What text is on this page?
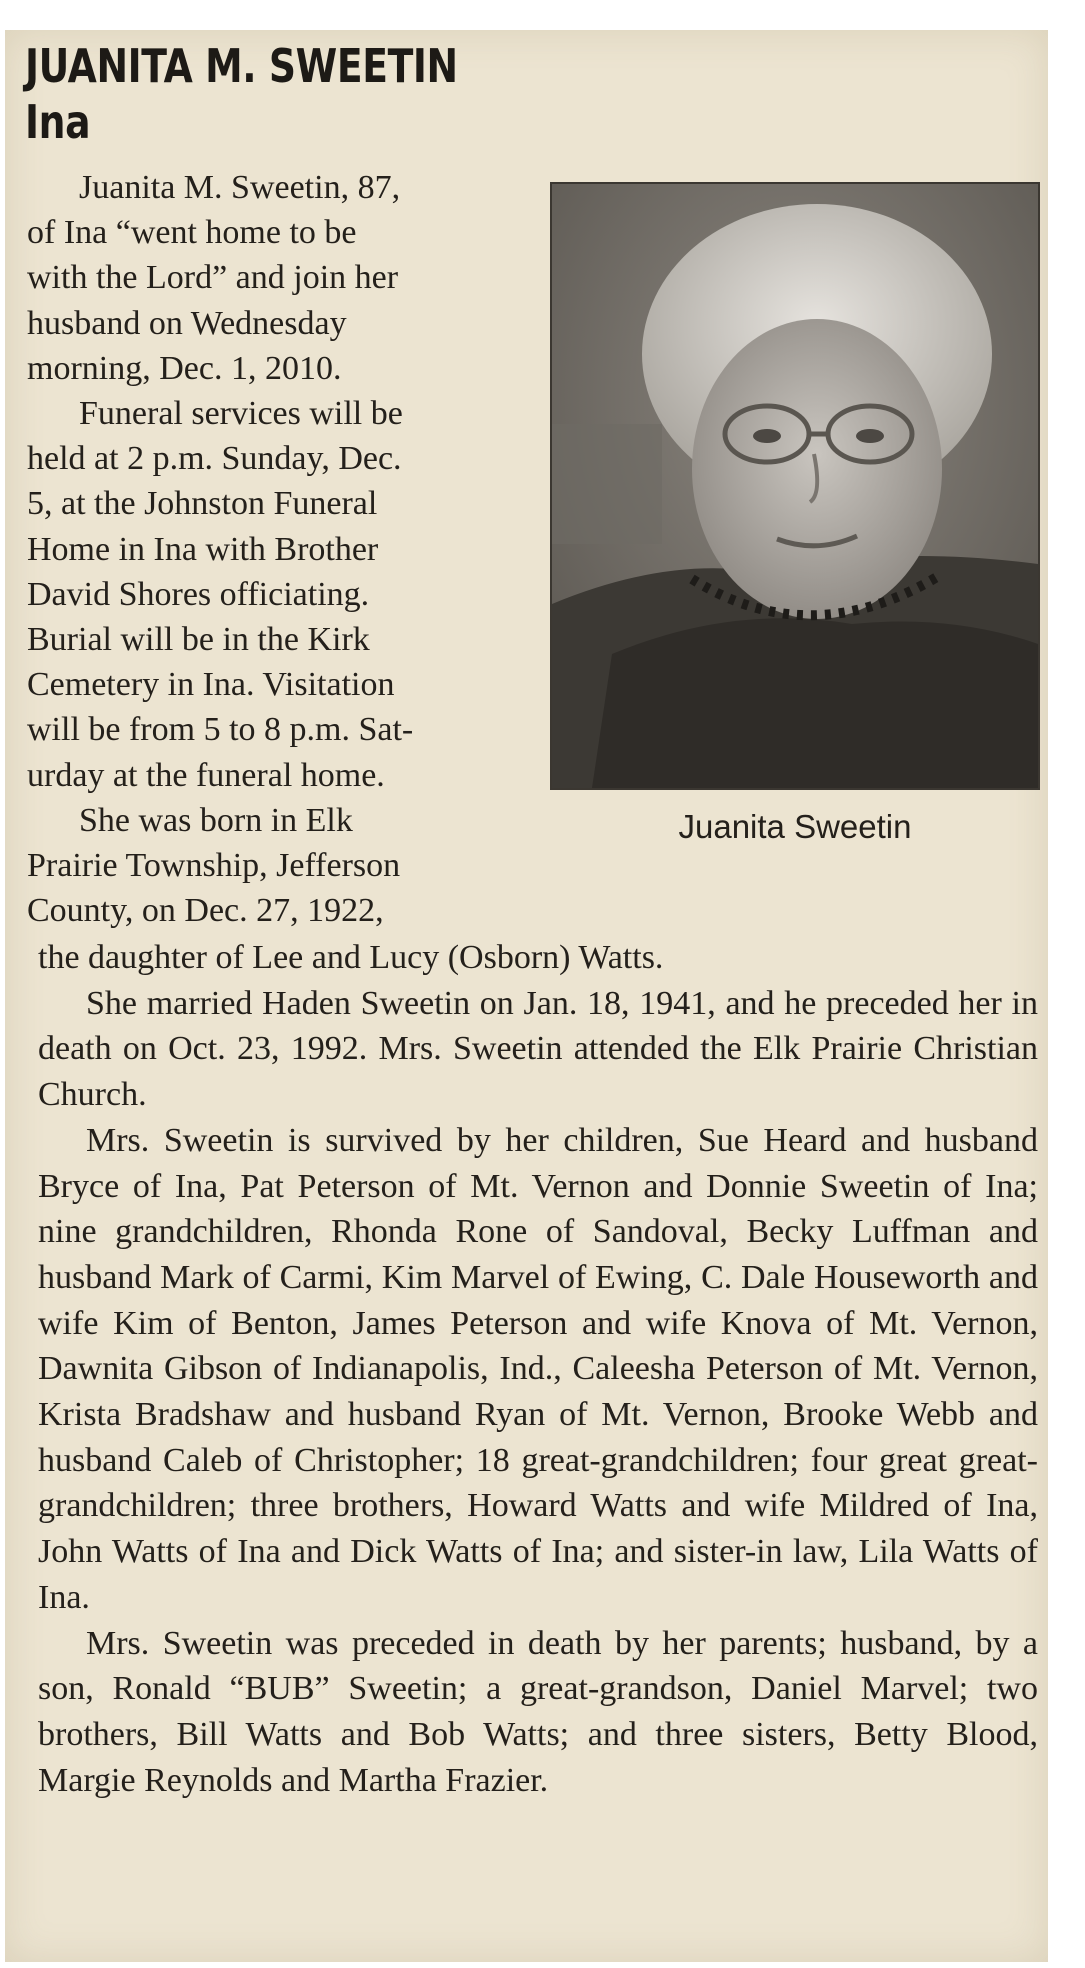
JUANITA M. SWEETIN
Ina
Juanita M. Sweetin, 87,
of Ina “went home to be
with the Lord” and join her
husband on Wednesday
morning, Dec. 1, 2010.
Funeral services will be
held at 2 p.m. Sunday, Dec.
5, at the Johnston Funeral
Home in Ina with Brother
David Shores officiating.
Burial will be in the Kirk
Cemetery in Ina. Visitation
will be from 5 to 8 p.m. Sat-
urday at the funeral home.
She was born in Elk
Prairie Township, Jefferson
County, on Dec. 27, 1922,
Juanita Sweetin

the daughter of Lee and Lucy (Osborn) Watts.

She married Haden Sweetin on Jan. 18, 1941, and he preceded her in death on Oct. 23, 1992. Mrs. Sweetin attended the Elk Prairie Christian Church.

Mrs. Sweetin is survived by her children, Sue Heard and husband Bryce of Ina, Pat Peterson of Mt. Vernon and Donnie Sweetin of Ina; nine grandchildren, Rhonda Rone of Sandoval, Becky Luffman and husband Mark of Carmi, Kim Marvel of Ewing, C. Dale Houseworth and wife Kim of Benton, James Peterson and wife Knova of Mt. Vernon, Dawnita Gibson of Indianapolis, Ind., Caleesha Peterson of Mt. Vernon, Krista Bradshaw and husband Ryan of Mt. Vernon, Brooke Webb and husband Caleb of Christopher; 18 great-grandchildren; four great great-grandchildren; three brothers, Howard Watts and wife Mildred of Ina, John Watts of Ina and Dick Watts of Ina; and sister-in law, Lila Watts of Ina.

Mrs. Sweetin was preceded in death by her parents; husband, by a son, Ronald “BUB” Sweetin; a great-grandson, Daniel Marvel; two brothers, Bill Watts and Bob Watts; and three sisters, Betty Blood, Margie Reynolds and Martha Frazier.
